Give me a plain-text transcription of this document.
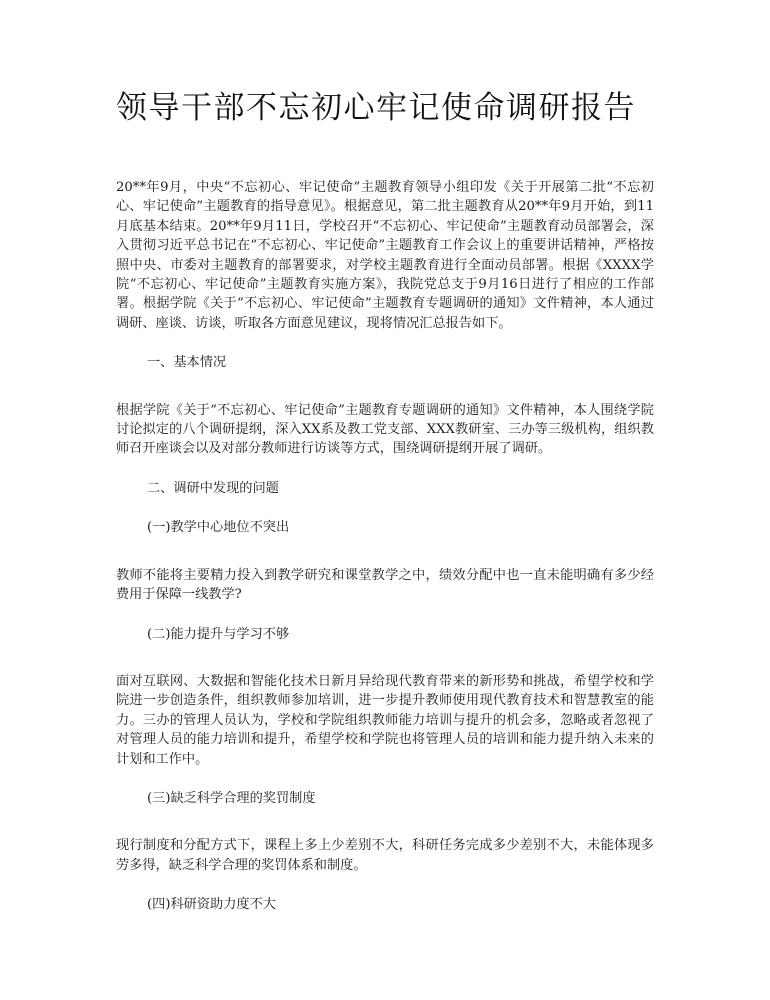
领导干部不忘初心牢记使命调研报告

20**年9月，中央“不忘初心、牢记使命”主题教育领导小组印发《关于开展第二批“不忘初心、牢记使命”主题教育的指导意见》。根据意见，第二批主题教育从20**年9月开始，到11月底基本结束。20**年9月11日，学校召开“不忘初心、牢记使命”主题教育动员部署会，深入贯彻习近平总书记在“不忘初心、牢记使命”主题教育工作会议上的重要讲话精神，严格按照中央、市委对主题教育的部署要求，对学校主题教育进行全面动员部署。根据《XXXX学院“不忘初心、牢记使命”主题教育实施方案》，我院党总支于9月16日进行了相应的工作部署。根据学院《关于“不忘初心、牢记使命”主题教育专题调研的通知》文件精神，本人通过调研、座谈、访谈，听取各方面意见建议，现将情况汇总报告如下。

一、基本情况

根据学院《关于“不忘初心、牢记使命”主题教育专题调研的通知》文件精神，本人围绕学院讨论拟定的八个调研提纲，深入XX系及教工党支部、XXX教研室、三办等三级机构，组织教师召开座谈会以及对部分教师进行访谈等方式，围绕调研提纲开展了调研。

二、调研中发现的问题

(一)教学中心地位不突出

教师不能将主要精力投入到教学研究和课堂教学之中，绩效分配中也一直未能明确有多少经费用于保障一线教学?

(二)能力提升与学习不够

面对互联网、大数据和智能化技术日新月异给现代教育带来的新形势和挑战，希望学校和学院进一步创造条件，组织教师参加培训，进一步提升教师使用现代教育技术和智慧教室的能力。三办的管理人员认为，学校和学院组织教师能力培训与提升的机会多，忽略或者忽视了对管理人员的能力培训和提升，希望学校和学院也将管理人员的培训和能力提升纳入未来的计划和工作中。

(三)缺乏科学合理的奖罚制度

现行制度和分配方式下，课程上多上少差别不大，科研任务完成多少差别不大，未能体现多劳多得，缺乏科学合理的奖罚体系和制度。

(四)科研资助力度不大
